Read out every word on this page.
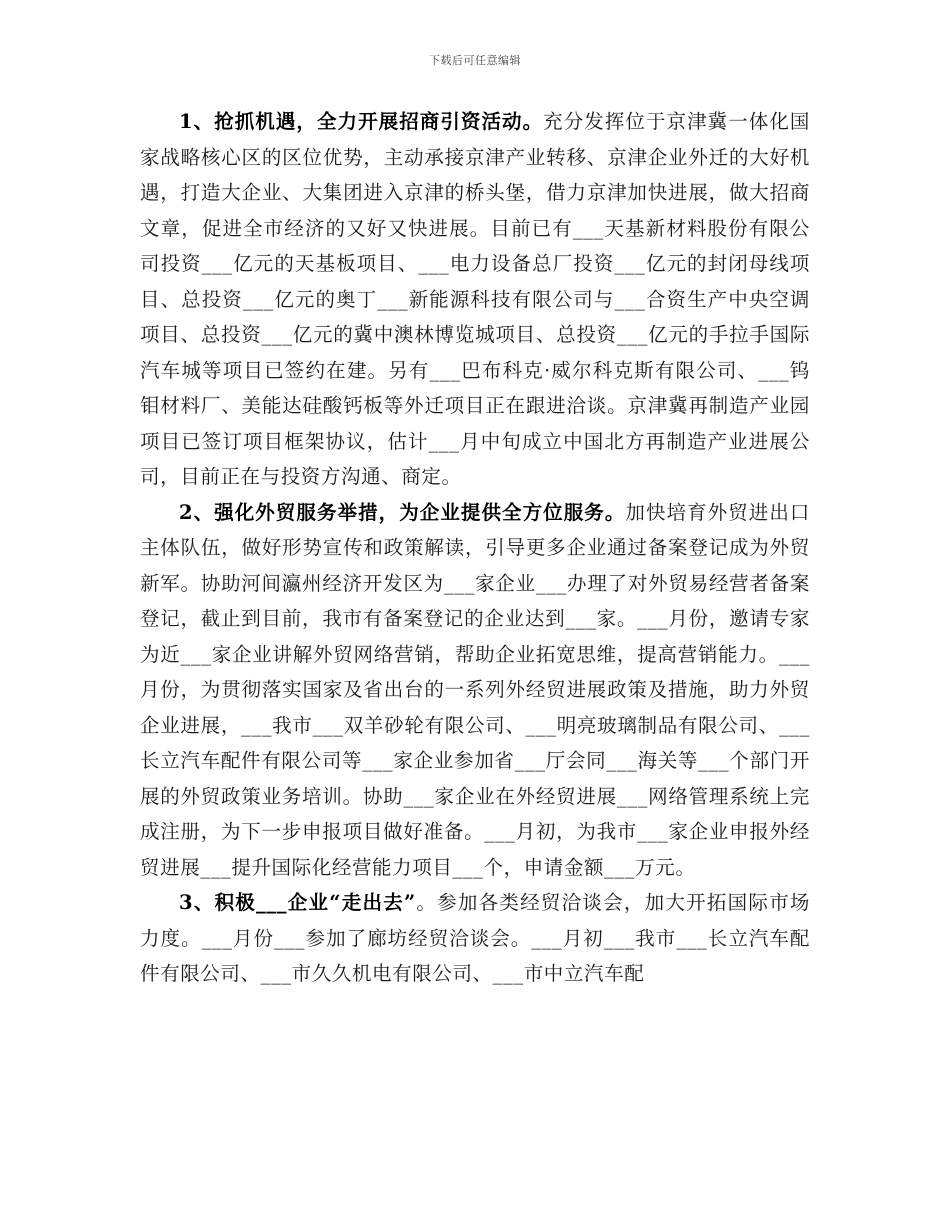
下载后可任意编辑

1、抢抓机遇，全力开展招商引资活动。充分发挥位于京津冀一体化国家战略核心区的区位优势，主动承接京津产业转移、京津企业外迁的大好机遇，打造大企业、大集团进入京津的桥头堡，借力京津加快进展，做大招商文章，促进全市经济的又好又快进展。目前已有___天基新材料股份有限公司投资___亿元的天基板项目、___电力设备总厂投资___亿元的封闭母线项目、总投资___亿元的奥丁___新能源科技有限公司与___合资生产中央空调项目、总投资___亿元的冀中澳林博览城项目、总投资___亿元的手拉手国际汽车城等项目已签约在建。另有___巴布科克·威尔科克斯有限公司、___钨钼材料厂、美能达硅酸钙板等外迁项目正在跟进洽谈。京津冀再制造产业园项目已签订项目框架协议，估计___月中旬成立中国北方再制造产业进展公司，目前正在与投资方沟通、商定。

2、强化外贸服务举措，为企业提供全方位服务。加快培育外贸进出口主体队伍，做好形势宣传和政策解读，引导更多企业通过备案登记成为外贸新军。协助河间瀛州经济开发区为___家企业___办理了对外贸易经营者备案登记，截止到目前，我市有备案登记的企业达到___家。___月份，邀请专家为近___家企业讲解外贸网络营销，帮助企业拓宽思维，提高营销能力。___月份，为贯彻落实国家及省出台的一系列外经贸进展政策及措施，助力外贸企业进展，___我市___双羊砂轮有限公司、___明亮玻璃制品有限公司、___长立汽车配件有限公司等___家企业参加省___厅会同___海关等___个部门开展的外贸政策业务培训。协助___家企业在外经贸进展___网络管理系统上完成注册，为下一步申报项目做好准备。___月初，为我市___家企业申报外经贸进展___提升国际化经营能力项目___个，申请金额___万元。

3、积极___企业“走出去”。参加各类经贸洽谈会，加大开拓国际市场力度。___月份___参加了廊坊经贸洽谈会。___月初___我市___长立汽车配件有限公司、___市久久机电有限公司、___市中立汽车配
